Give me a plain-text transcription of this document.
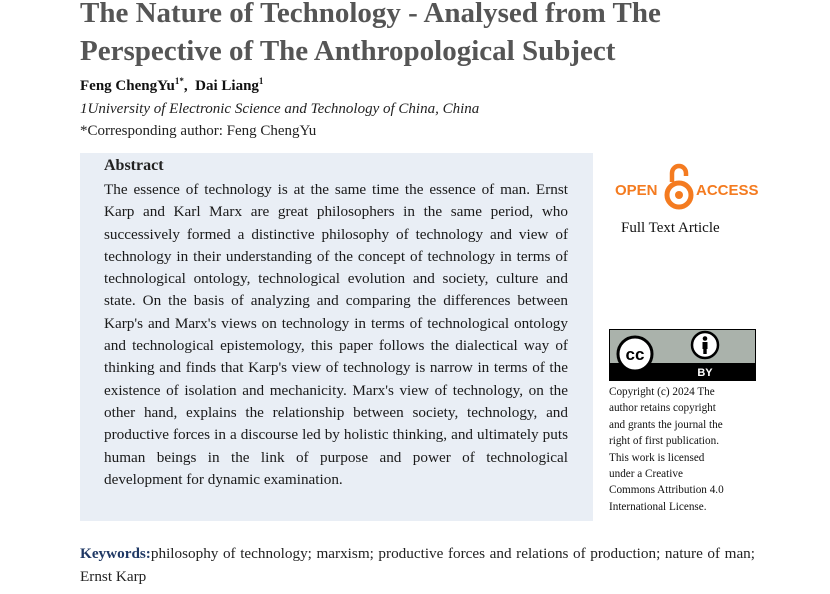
The Nature of Technology - Analysed from The
Perspective of The Anthropological Subject
Feng ChengYu$^{1*}$,  Dai Liang$^1$
1University of Electronic Science and Technology of China, China
*Corresponding author: Feng ChengYu
Abstract
The essence of technology is at the same time the essence of man. Ernst Karp and Karl Marx are great philosophers in the same period, who successively formed a distinctive philosophy of technology and view of technology in their understanding of the concept of technology in terms of technological ontology, technological evolution and society, culture and state. On the basis of analyzing and comparing the differences between Karp's and Marx's views on technology in terms of technological ontology and technological epistemology, this paper follows the dialectical way of thinking and finds that Karp's view of technology is narrow in terms of the existence of isolation and mechanicity. Marx's view of technology, on the other hand, explains the relationship between society, technology, and productive forces in a discourse led by holistic thinking, and ultimately puts human beings in the link of purpose and power of technological development for dynamic examination.
OPEN	ACCESS
Full Text Article
cc
BY
Copyright (c) 2024 The
author retains copyright
and grants the journal the
right of first publication.
This work is licensed
under a Creative
Commons Attribution 4.0
International License.
Keywords:philosophy of technology; marxism; productive forces and relations of production; nature of man; Ernst Karp
